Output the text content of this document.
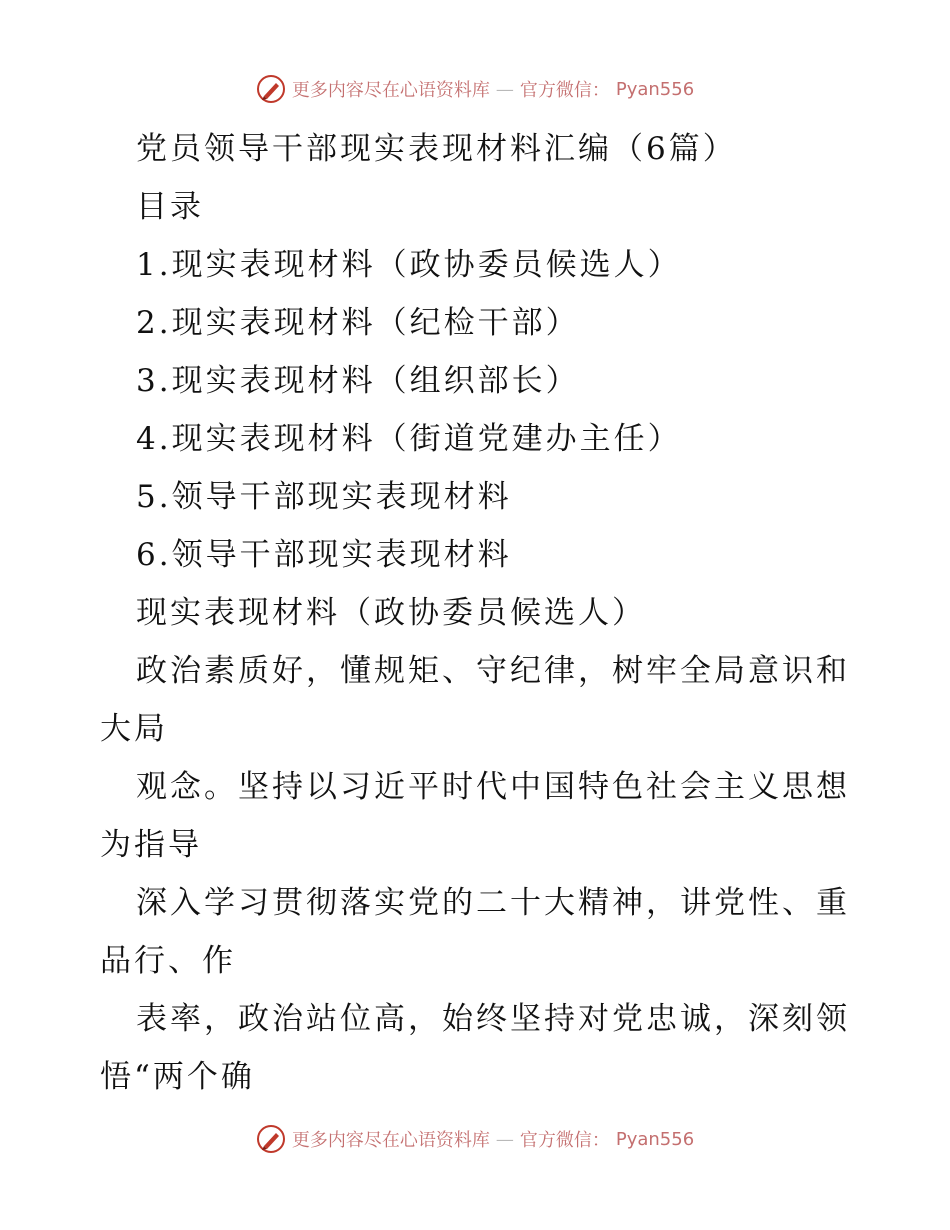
更多内容尽在心语资料库 — 官方微信： Pyan556
党员领导干部现实表现材料汇编（6篇）
目录
1.现实表现材料（政协委员候选人）
2.现实表现材料（纪检干部）
3.现实表现材料（组织部长）
4.现实表现材料（街道党建办主任）
5.领导干部现实表现材料
6.领导干部现实表现材料
现实表现材料（政协委员候选人）
政治素质好，懂规矩、守纪律，树牢全局意识和大局
观念。坚持以习近平时代中国特色社会主义思想为指导
深入学习贯彻落实党的二十大精神，讲党性、重品行、作
表率，政治站位高，始终坚持对党忠诚，深刻领悟“两个确
更多内容尽在心语资料库 — 官方微信： Pyan556
